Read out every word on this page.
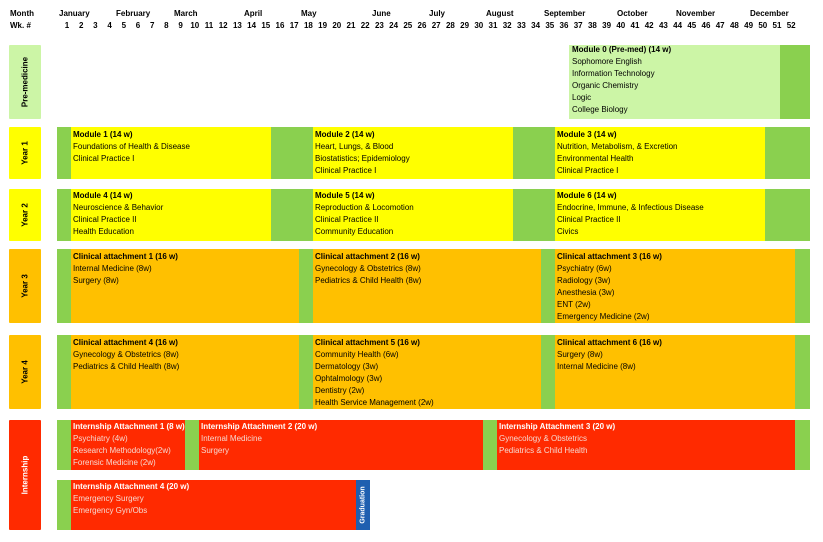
Month
Wk. #
January	February	March	April	May	June	July	August	September	October	November	December
1	2	3	4	5	6	7	8	9 10 11 12 13 14 15 16 17 18 19 20 21 22 23 24 25 26 27 28 29 30 31 32 33 34 35 36 37 38 39 40 41 42 43 44 45 46 47 48 49 50 51 52
Pre-medicine
Year 1
Year 2
Year 3
Year 4
Internship
Module 0 (Pre-med) (14 w)
Sophomore English
Information Technology
Organic Chemistry
Logic
College Biology
Module 1 (14 w)
Foundations of Health & Disease
Clinical Practice I
Module 2 (14 w)
Heart, Lungs, & Blood
Biostatistics; Epidemiology
Clinical Practice I
Module 3 (14 w)
Nutrition, Metabolism, & Excretion
Environmental Health
Clinical Practice I
Module 4 (14 w)
Neuroscience & Behavior
Clinical Practice II
Health Education
Module 5 (14 w)
Reproduction & Locomotion
Clinical Practice II
Community Education
Module 6 (14 w)
Endocrine, Immune, & Infectious Disease
Clinical Practice II
Civics
Clinical attachment 1 (16 w)
Internal Medicine (8w)
Surgery (8w)
Clinical attachment 2 (16 w)
Gynecology & Obstetrics (8w)
Pediatrics & Child Health (8w)
Clinical attachment 3 (16 w)
Psychiatry (6w)
Radiology (3w)
Anesthesia (3w)
ENT (2w)
Emergency Medicine (2w)
Clinical attachment 4 (16 w)
Gynecology & Obstetrics (8w)
Pediatrics & Child Health (8w)
Clinical attachment 5 (16 w)
Community Health (6w)
Dermatology (3w)
Ophtalmology (3w)
Dentistry (2w)
Health Service Management (2w)
Clinical attachment 6 (16 w)
Surgery (8w)
Internal Medicine (8w)
Internship Attachment 1 (8 w)
Psychiatry (4w)
Research Methodology(2w)
Forensic Medicine (2w)
Internship Attachment 2 (20 w)
Internal Medicine
Surgery
Internship Attachment 3 (20 w)
Gynecology & Obstetrics
Pediatrics & Child Health
Graduation
Internship Attachment 4 (20 w)
Emergency Surgery
Emergency Gyn/Obs
